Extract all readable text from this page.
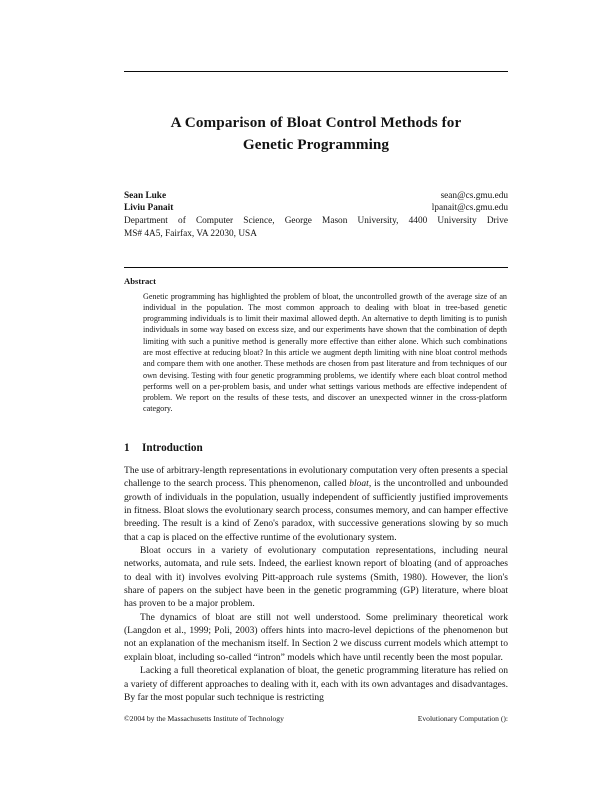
A Comparison of Bloat Control Methods for
Genetic Programming
Sean Luke	sean@cs.gmu.edu
Liviu Panait	lpanait@cs.gmu.edu
Department of Computer Science, George Mason University, 4400 University Drive
MS# 4A5, Fairfax, VA 22030, USA
Abstract
Genetic programming has highlighted the problem of bloat, the uncontrolled growth of the average size of an individual in the population. The most common approach to dealing with bloat in tree-based genetic programming individuals is to limit their maximal allowed depth. An alternative to depth limiting is to punish individuals in some way based on excess size, and our experiments have shown that the combination of depth limiting with such a punitive method is generally more effective than either alone. Which such combinations are most effective at reducing bloat? In this article we augment depth limiting with nine bloat control methods and compare them with one another. These methods are chosen from past literature and from techniques of our own devising. Testing with four genetic programming problems, we identify where each bloat control method performs well on a per-problem basis, and under what settings various methods are effective independent of problem. We report on the results of these tests, and discover an unexpected winner in the cross-platform category.
1 Introduction

The use of arbitrary-length representations in evolutionary computation very often presents a special challenge to the search process. This phenomenon, called bloat, is the uncontrolled and unbounded growth of individuals in the population, usually independent of sufficiently justified improvements in fitness. Bloat slows the evolutionary search process, consumes memory, and can hamper effective breeding. The result is a kind of Zeno's paradox, with successive generations slowing by so much that a cap is placed on the effective runtime of the evolutionary system.

Bloat occurs in a variety of evolutionary computation representations, including neural networks, automata, and rule sets. Indeed, the earliest known report of bloating (and of approaches to deal with it) involves evolving Pitt-approach rule systems (Smith, 1980). However, the lion's share of papers on the subject have been in the genetic programming (GP) literature, where bloat has proven to be a major problem.

The dynamics of bloat are still not well understood. Some preliminary theoretical work (Langdon et al., 1999; Poli, 2003) offers hints into macro-level depictions of the phenomenon but not an explanation of the mechanism itself. In Section 2 we discuss current models which attempt to explain bloat, including so-called “intron” models which have until recently been the most popular.

Lacking a full theoretical explanation of bloat, the genetic programming literature has relied on a variety of different approaches to dealing with it, each with its own advantages and disadvantages. By far the most popular such technique is restricting

©2004 by the Massachusetts Institute of Technology	Evolutionary Computation ():
